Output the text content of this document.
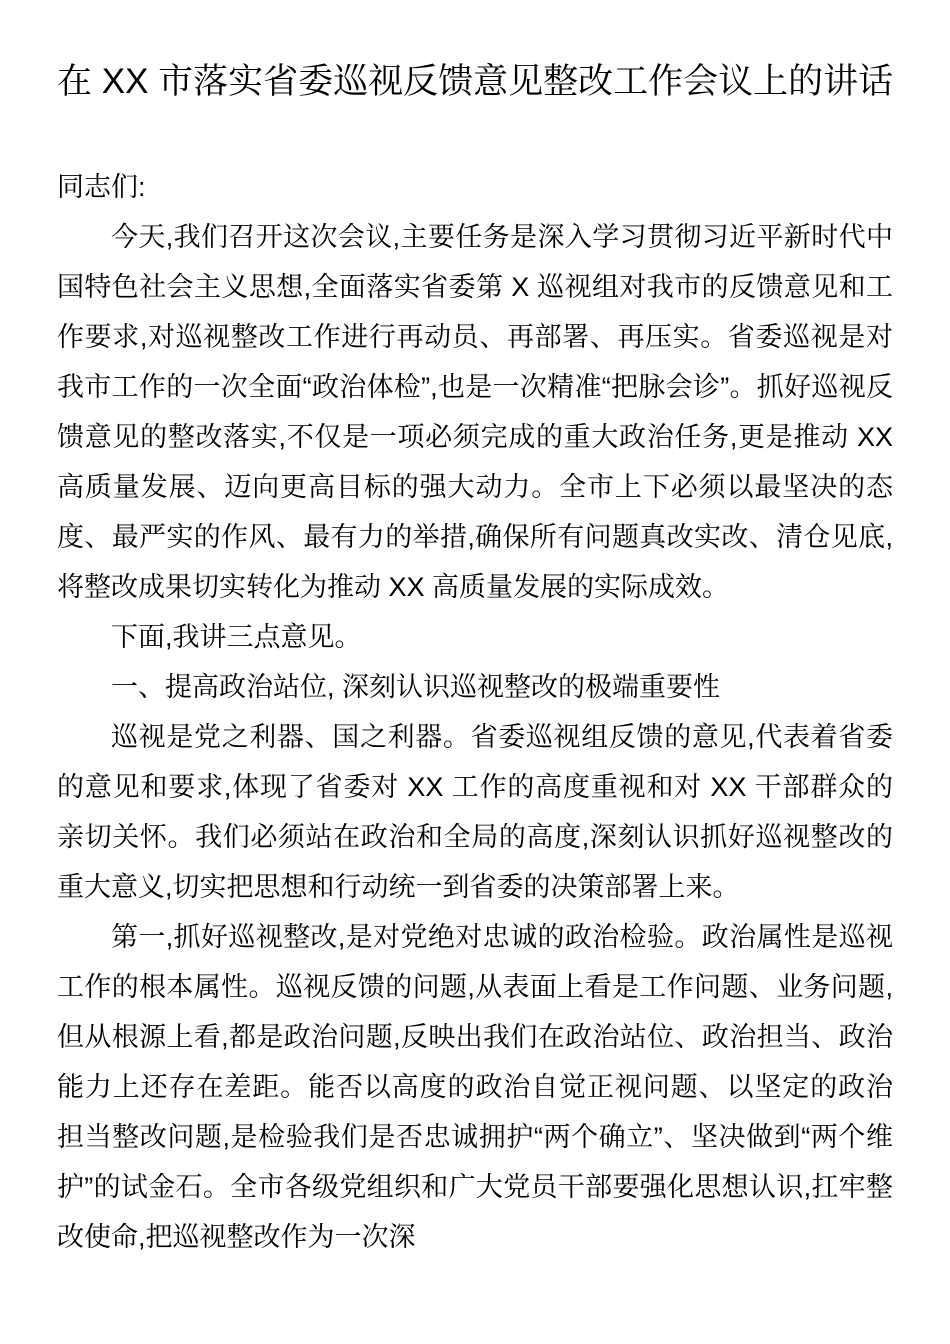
在 XX 市落实省委巡视反馈意见整改工作会议上的讲话

同志们:

今天,我们召开这次会议,主要任务是深入学习贯彻习近平新时代中国特色社会主义思想,全面落实省委第 X 巡视组对我市的反馈意见和工作要求,对巡视整改工作进行再动员、再部署、再压实。省委巡视是对我市工作的一次全面“政治体检”,也是一次精准“把脉会诊”。抓好巡视反馈意见的整改落实,不仅是一项必须完成的重大政治任务,更是推动 XX 高质量发展、迈向更高目标的强大动力。全市上下必须以最坚决的态度、最严实的作风、最有力的举措,确保所有问题真改实改、清仓见底,将整改成果切实转化为推动 XX 高质量发展的实际成效。

下面,我讲三点意见。

一、提高政治站位, 深刻认识巡视整改的极端重要性

巡视是党之利器、国之利器。省委巡视组反馈的意见,代表着省委的意见和要求,体现了省委对 XX 工作的高度重视和对 XX 干部群众的亲切关怀。我们必须站在政治和全局的高度,深刻认识抓好巡视整改的重大意义,切实把思想和行动统一到省委的决策部署上来。

第一,抓好巡视整改,是对党绝对忠诚的政治检验。政治属性是巡视工作的根本属性。巡视反馈的问题,从表面上看是工作问题、业务问题,但从根源上看,都是政治问题,反映出我们在政治站位、政治担当、政治能力上还存在差距。能否以高度的政治自觉正视问题、以坚定的政治担当整改问题,是检验我们是否忠诚拥护“两个确立”、坚决做到“两个维护”的试金石。全市各级党组织和广大党员干部要强化思想认识,扛牢整改使命,把巡视整改作为一次深
